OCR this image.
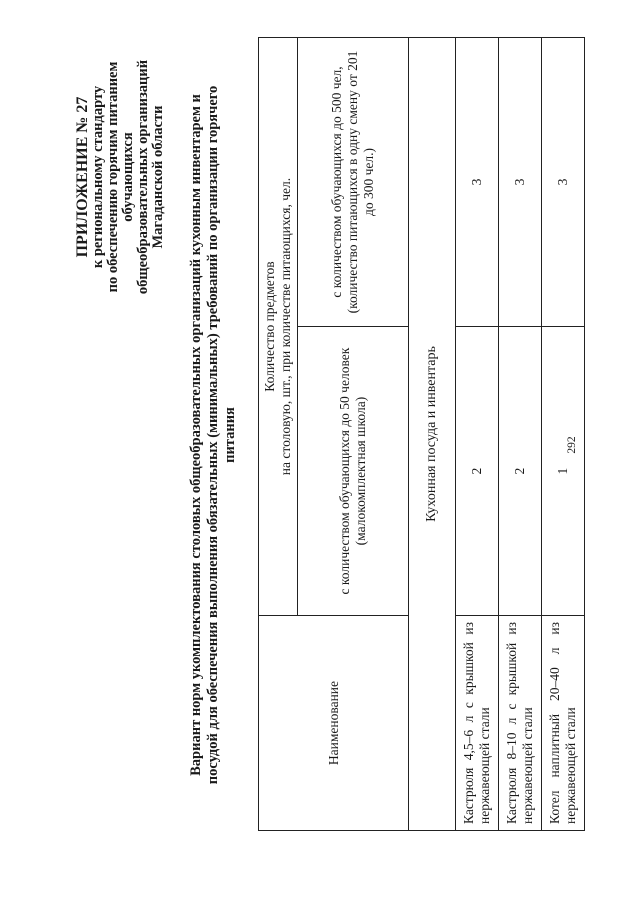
ПРИЛОЖЕНИЕ № 27 к региональному стандарту по обеспечению горячим питанием обучающихся общеобразовательных организаций Магаданской области Вариант норм укомплектования столовых общеобразовательных организаций кухонным инвентарем и посудой для обеспечения выполнения обязательных (минимальных) требований по организации горячего питания
Наименование	Количество предметов на столовую, шт., при количестве питающихся, чел.	

	с количеством обучающихся до 50 человек (малокомплектная школа)	с количеством обучающихся до 500 чел, (количество питающихся в одну смену от 201 до 300 чел.)
Кухонная посуда и инвентарь		
Кастрюля 4,5–6 л с крышкой из нержавеющей стали	2	3
Кастрюля 8–10 л с крышкой из нержавеющей стали	2	3
Котел наплитный 20–40 л из нержавеющей стали	1	3
292
